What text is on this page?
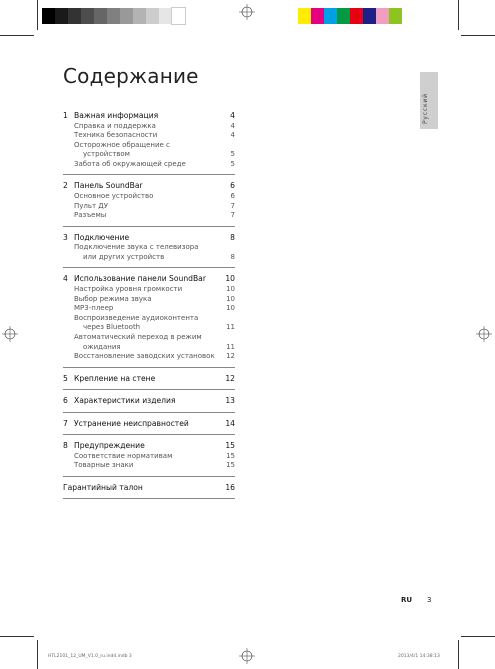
Русский
Содержание
1 Важная информация	4
Справка и поддержка	4
Техника безопасности	4
Осторожное обращение с
устройством	5
Забота об окружающей среде	5
2 Панель SoundBar	6
Основное устройство	6
Пульт ДУ	7
Разъемы	7
3 Подключение	8
Подключение звука с телевизора
или других устройств	8
4 Использование панели SoundBar	10
Настройка уровня громкости	10
Выбор режима звука	10
MP3-плеер	10
Воспроизведение аудиоконтента
через Bluetooth	11
Автоматический переход в режим
ожидания	11
Восстановление заводских установок	12
5 Крепление на стене	12
6 Характеристики изделия	13
7 Устранение неисправностей	14
8 Предупреждение	15
Соответствие нормативам	15
Товарные знаки	15
Гарантийный талон	16
RU 3
HTL2101_12_UM_V1.0_ru.indd.indb 3	2013/4/1 14:38:13
